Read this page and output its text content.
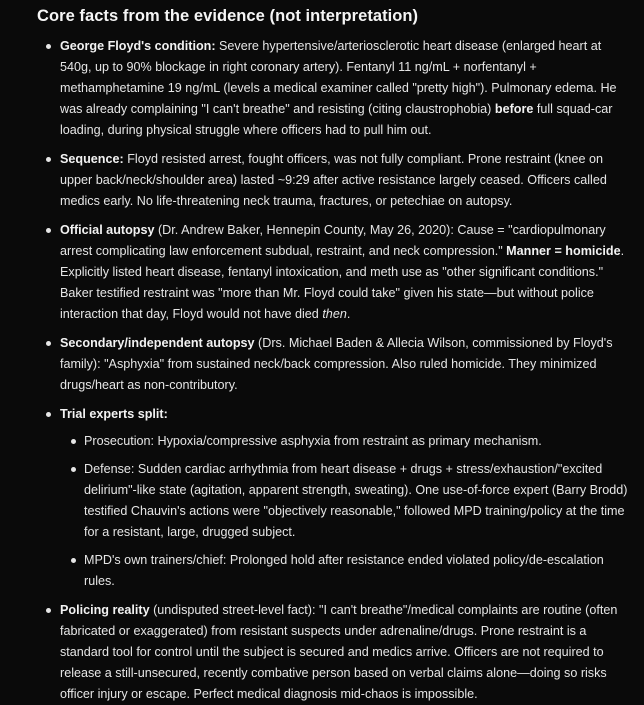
Core facts from the evidence (not interpretation)
George Floyd's condition: Severe hypertensive/arteriosclerotic heart disease (enlarged heart at 540g, up to 90% blockage in right coronary artery). Fentanyl 11 ng/mL + norfentanyl + methamphetamine 19 ng/mL (levels a medical examiner called "pretty high"). Pulmonary edema. He was already complaining "I can't breathe" and resisting (citing claustrophobia) before full squad-car loading, during physical struggle where officers had to pull him out.
Sequence: Floyd resisted arrest, fought officers, was not fully compliant. Prone restraint (knee on upper back/neck/shoulder area) lasted ~9:29 after active resistance largely ceased. Officers called medics early. No life-threatening neck trauma, fractures, or petechiae on autopsy.
Official autopsy (Dr. Andrew Baker, Hennepin County, May 26, 2020): Cause = "cardiopulmonary arrest complicating law enforcement subdual, restraint, and neck compression." Manner = homicide. Explicitly listed heart disease, fentanyl intoxication, and meth use as "other significant conditions." Baker testified restraint was "more than Mr. Floyd could take" given his state—but without police interaction that day, Floyd would not have died then.
Secondary/independent autopsy (Drs. Michael Baden & Allecia Wilson, commissioned by Floyd's family): "Asphyxia" from sustained neck/back compression. Also ruled homicide. They minimized drugs/heart as non-contributory.
Trial experts split:
Prosecution: Hypoxia/compressive asphyxia from restraint as primary mechanism.
Defense: Sudden cardiac arrhythmia from heart disease + drugs + stress/exhaustion/"excited delirium"-like state (agitation, apparent strength, sweating). One use-of-force expert (Barry Brodd) testified Chauvin's actions were "objectively reasonable," followed MPD training/policy at the time for a resistant, large, drugged subject.
MPD's own trainers/chief: Prolonged hold after resistance ended violated policy/de-escalation rules.
Policing reality (undisputed street-level fact): "I can't breathe"/medical complaints are routine (often fabricated or exaggerated) from resistant suspects under adrenaline/drugs. Prone restraint is a standard tool for control until the subject is secured and medics arrive. Officers are not required to release a still-unsecured, recently combative person based on verbal claims alone—doing so risks officer injury or escape. Perfect medical diagnosis mid-chaos is impossible.
